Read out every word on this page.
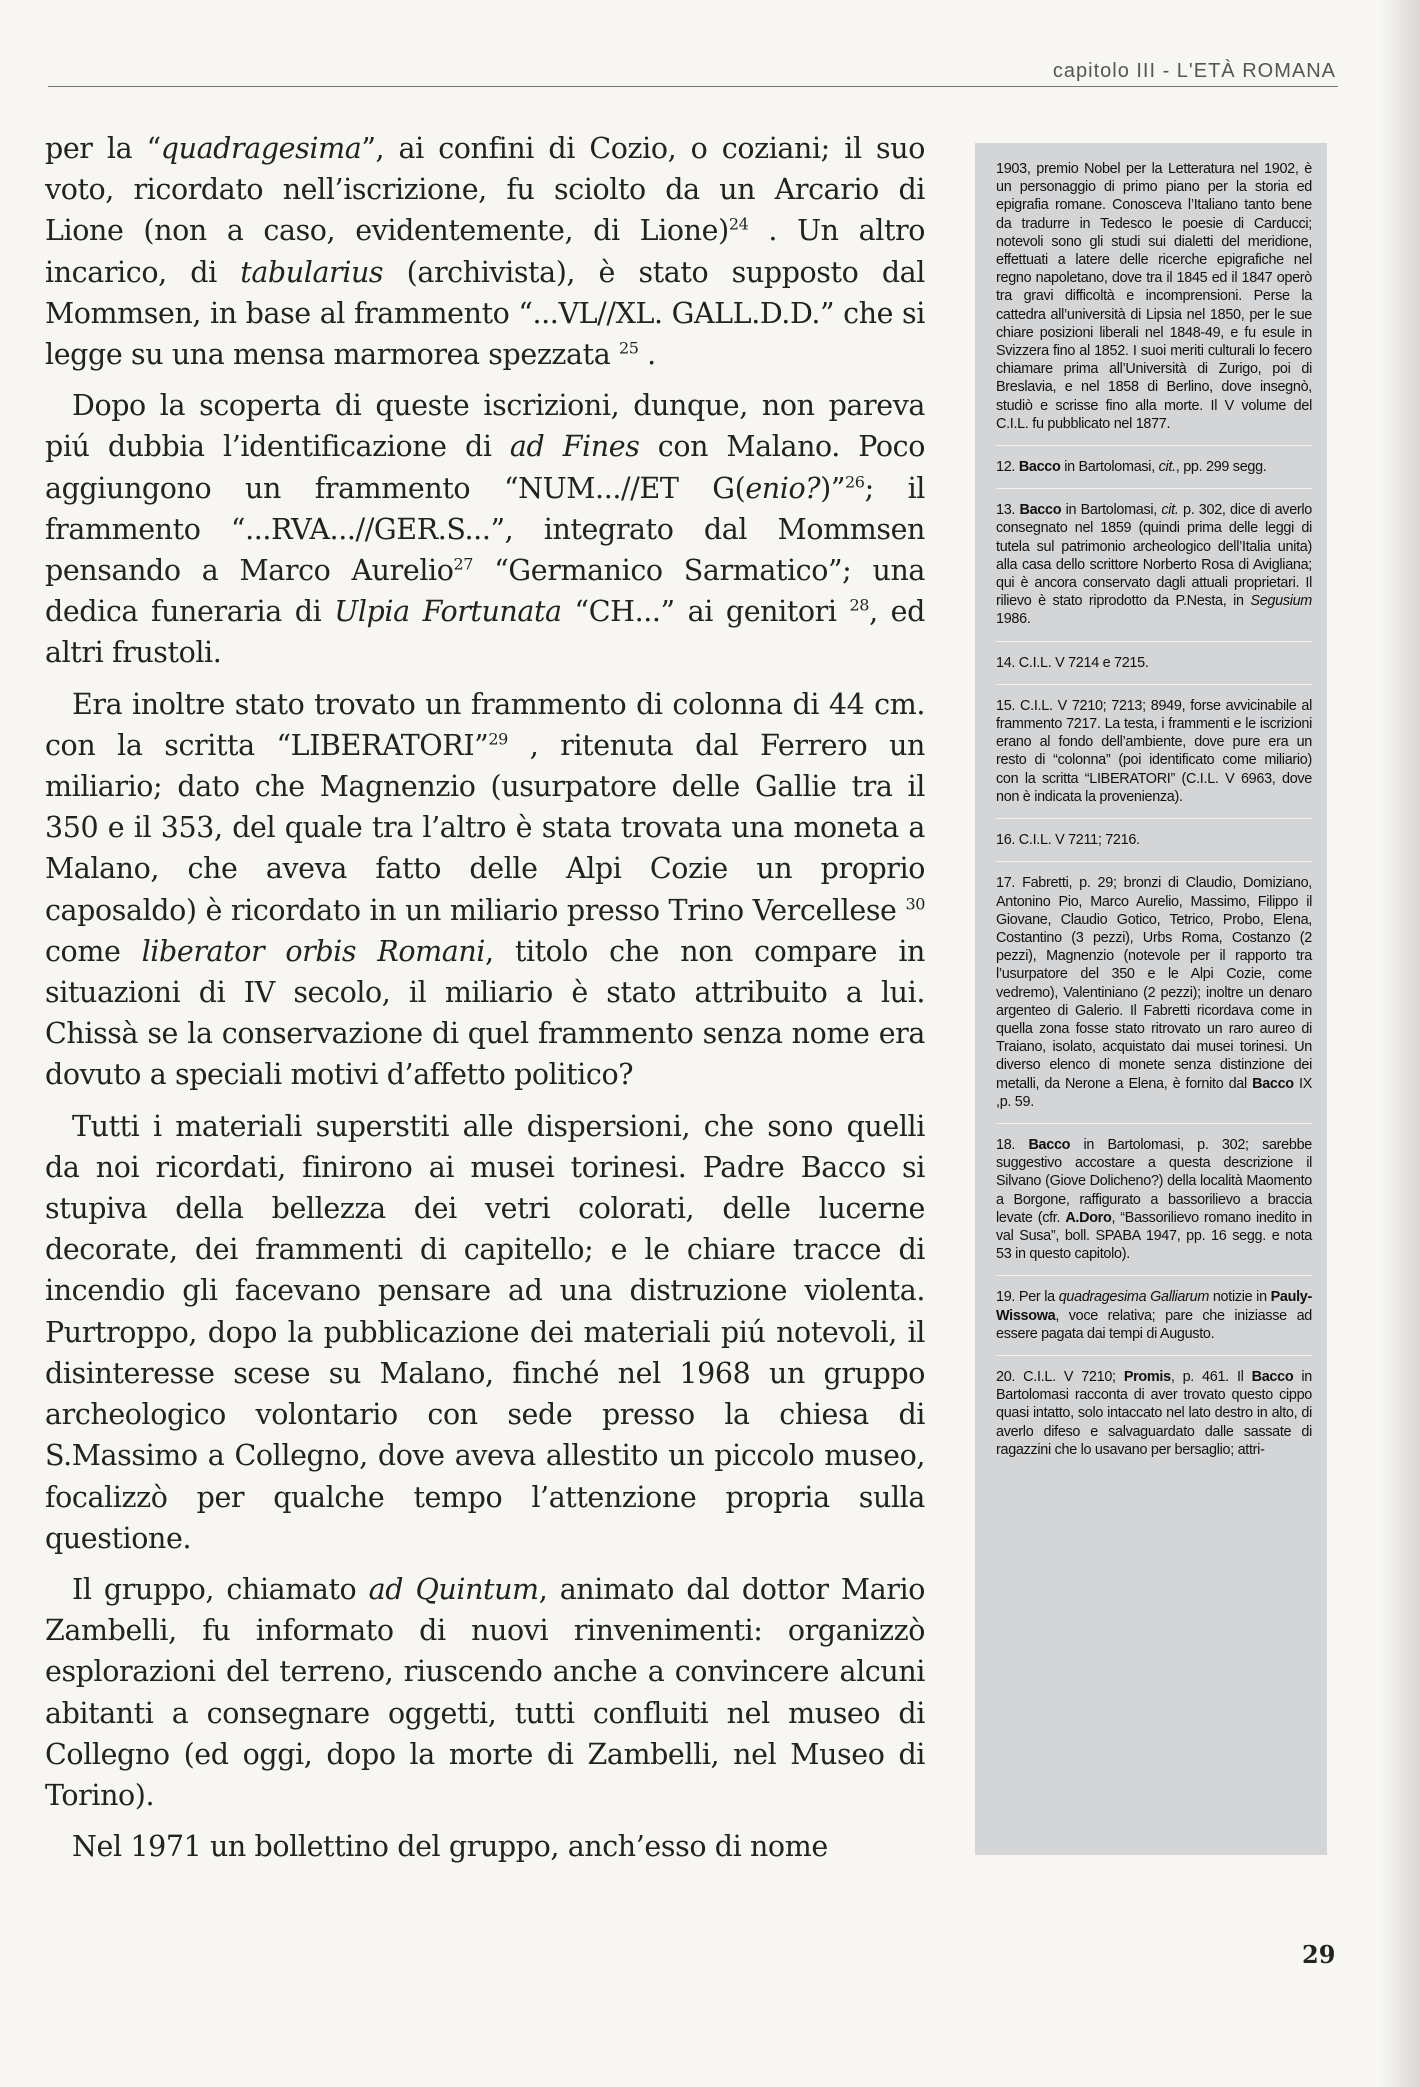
capitolo III - L'ETÀ ROMANA

per la “quadragesima”, ai confini di Cozio, o coziani; il suo voto, ricordato nell’iscrizione, fu sciolto da un Arcario di Lione (non a caso, evidentemente, di Lione)$^{24}$ . Un altro incarico, di tabularius (archivista), è stato supposto dal Mommsen, in base al frammento “...VL//XL. GALL.D.D.” che si legge su una mensa marmorea spezzata $^{25}$ .

Dopo la scoperta di queste iscrizioni, dunque, non pareva piú dubbia l’identificazione di ad Fines con Malano. Poco aggiungono un frammento “NUM...//ET G(enio?)”$^{26}$; il frammento “...RVA...//GER.S...”, integrato dal Mommsen pensando a Marco Aurelio$^{27}$ “Germanico Sarmatico”; una dedica funeraria di Ulpia Fortunata “CH...” ai genitori $^{28}$, ed altri frustoli.

Era inoltre stato trovato un frammento di colonna di 44 cm. con la scritta “LIBERATORI”$^{29}$ , ritenuta dal Ferrero un miliario; dato che Magnenzio (usurpatore delle Gallie tra il 350 e il 353, del quale tra l’altro è stata trovata una moneta a Malano, che aveva fatto delle Alpi Cozie un proprio caposaldo) è ricordato in un miliario presso Trino Vercellese $^{30}$ come liberator orbis Romani, titolo che non compare in situazioni di IV secolo, il miliario è stato attribuito a lui. Chissà se la conservazione di quel frammento senza nome era dovuto a speciali motivi d’affetto politico?

Tutti i materiali superstiti alle dispersioni, che sono quelli da noi ricordati, finirono ai musei torinesi. Padre Bacco si stupiva della bellezza dei vetri colorati, delle lucerne decorate, dei frammenti di capitello; e le chiare tracce di incendio gli facevano pensare ad una distruzione violenta. Purtroppo, dopo la pubblicazione dei materiali piú notevoli, il disinteresse scese su Malano, finché nel 1968 un gruppo archeologico volontario con sede presso la chiesa di S.Massimo a Collegno, dove aveva allestito un piccolo museo, focalizzò per qualche tempo l’attenzione propria sulla questione.

Il gruppo, chiamato ad Quintum, animato dal dottor Mario Zambelli, fu informato di nuovi rinvenimenti: organizzò esplorazioni del terreno, riuscendo anche a convincere alcuni abitanti a consegnare oggetti, tutti confluiti nel museo di Collegno (ed oggi, dopo la morte di Zambelli, nel Museo di Torino).

Nel 1971 un bollettino del gruppo, anch’esso di nome

1903, premio Nobel per la Letteratura nel 1902, è un personaggio di primo piano per la storia ed epigrafia romane. Conosceva l’Italiano tanto bene da tradurre in Tedesco le poesie di Carducci; notevoli sono gli studi sui dialetti del meridione, effettuati a latere delle ricerche epigrafiche nel regno napoletano, dove tra il 1845 ed il 1847 operò tra gravi difficoltà e incomprensioni. Perse la cattedra all’università di Lipsia nel 1850, per le sue chiare posizioni liberali nel 1848-49, e fu esule in Svizzera fino al 1852. I suoi meriti culturali lo fecero chiamare prima all’Università di Zurigo, poi di Breslavia, e nel 1858 di Berlino, dove insegnò, studiò e scrisse fino alla morte. Il V volume del C.I.L. fu pubblicato nel 1877.

12. Bacco in Bartolomasi, cit., pp. 299 segg.

13. Bacco in Bartolomasi, cit. p. 302, dice di averlo consegnato nel 1859 (quindi prima delle leggi di tutela sul patrimonio archeologico dell’Italia unita) alla casa dello scrittore Norberto Rosa di Avigliana; qui è ancora conservato dagli attuali proprietari. Il rilievo è stato riprodotto da P.Nesta, in Segusium 1986.

14. C.I.L. V 7214 e 7215.

15. C.I.L. V 7210; 7213; 8949, forse avvicinabile al frammento 7217. La testa, i frammenti e le iscrizioni erano al fondo dell’ambiente, dove pure era un resto di “colonna” (poi identificato come miliario) con la scritta “LIBERATORI” (C.I.L. V 6963, dove non è indicata la provenienza).

16. C.I.L. V 7211; 7216.

17. Fabretti, p. 29; bronzi di Claudio, Domiziano, Antonino Pio, Marco Aurelio, Massimo, Filippo il Giovane, Claudio Gotico, Tetrico, Probo, Elena, Costantino (3 pezzi), Urbs Roma, Costanzo (2 pezzi), Magnenzio (notevole per il rapporto tra l’usurpatore del 350 e le Alpi Cozie, come vedremo), Valentiniano (2 pezzi); inoltre un denaro argenteo di Galerio. Il Fabretti ricordava come in quella zona fosse stato ritrovato un raro aureo di Traiano, isolato, acquistato dai musei torinesi. Un diverso elenco di monete senza distinzione dei metalli, da Nerone a Elena, è fornito dal Bacco IX ,p. 59.

18. Bacco in Bartolomasi, p. 302; sarebbe suggestivo accostare a questa descrizione il Silvano (Giove Dolicheno?) della località Maomento a Borgone, raffigurato a bassorilievo a braccia levate (cfr. A.Doro, “Bassorilievo romano inedito in val Susa”, boll. SPABA 1947, pp. 16 segg. e nota 53 in questo capitolo).

19. Per la quadragesima Galliarum notizie in Pauly-Wissowa, voce relativa; pare che iniziasse ad essere pagata dai tempi di Augusto.

20. C.I.L. V 7210; Promis, p. 461. Il Bacco in Bartolomasi racconta di aver trovato questo cippo quasi intatto, solo intaccato nel lato destro in alto, di averlo difeso e salvaguardato dalle sassate di ragazzini che lo usavano per bersaglio; attri-

29
